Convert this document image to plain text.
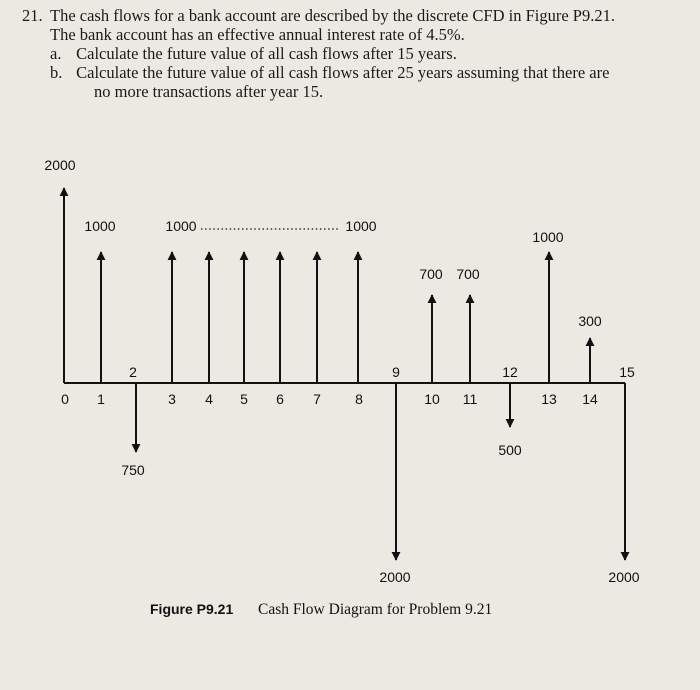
21. The cash flows for a bank account are described by the discrete CFD in Figure P9.21.
The bank account has an effective annual interest rate of 4.5%.
a. Calculate the future value of all cash flows after 15 years.
b. Calculate the future value of all cash flows after 25 years assuming that there are
no more transactions after year 15.
0 1
2
3 4 5 6 7 8
9
10 11
12
13 14
15
2000
1000
750
1000	1000
2000
700 700
500
1000
300
2000
Figure P9.21 Cash Flow Diagram for Problem 9.21
